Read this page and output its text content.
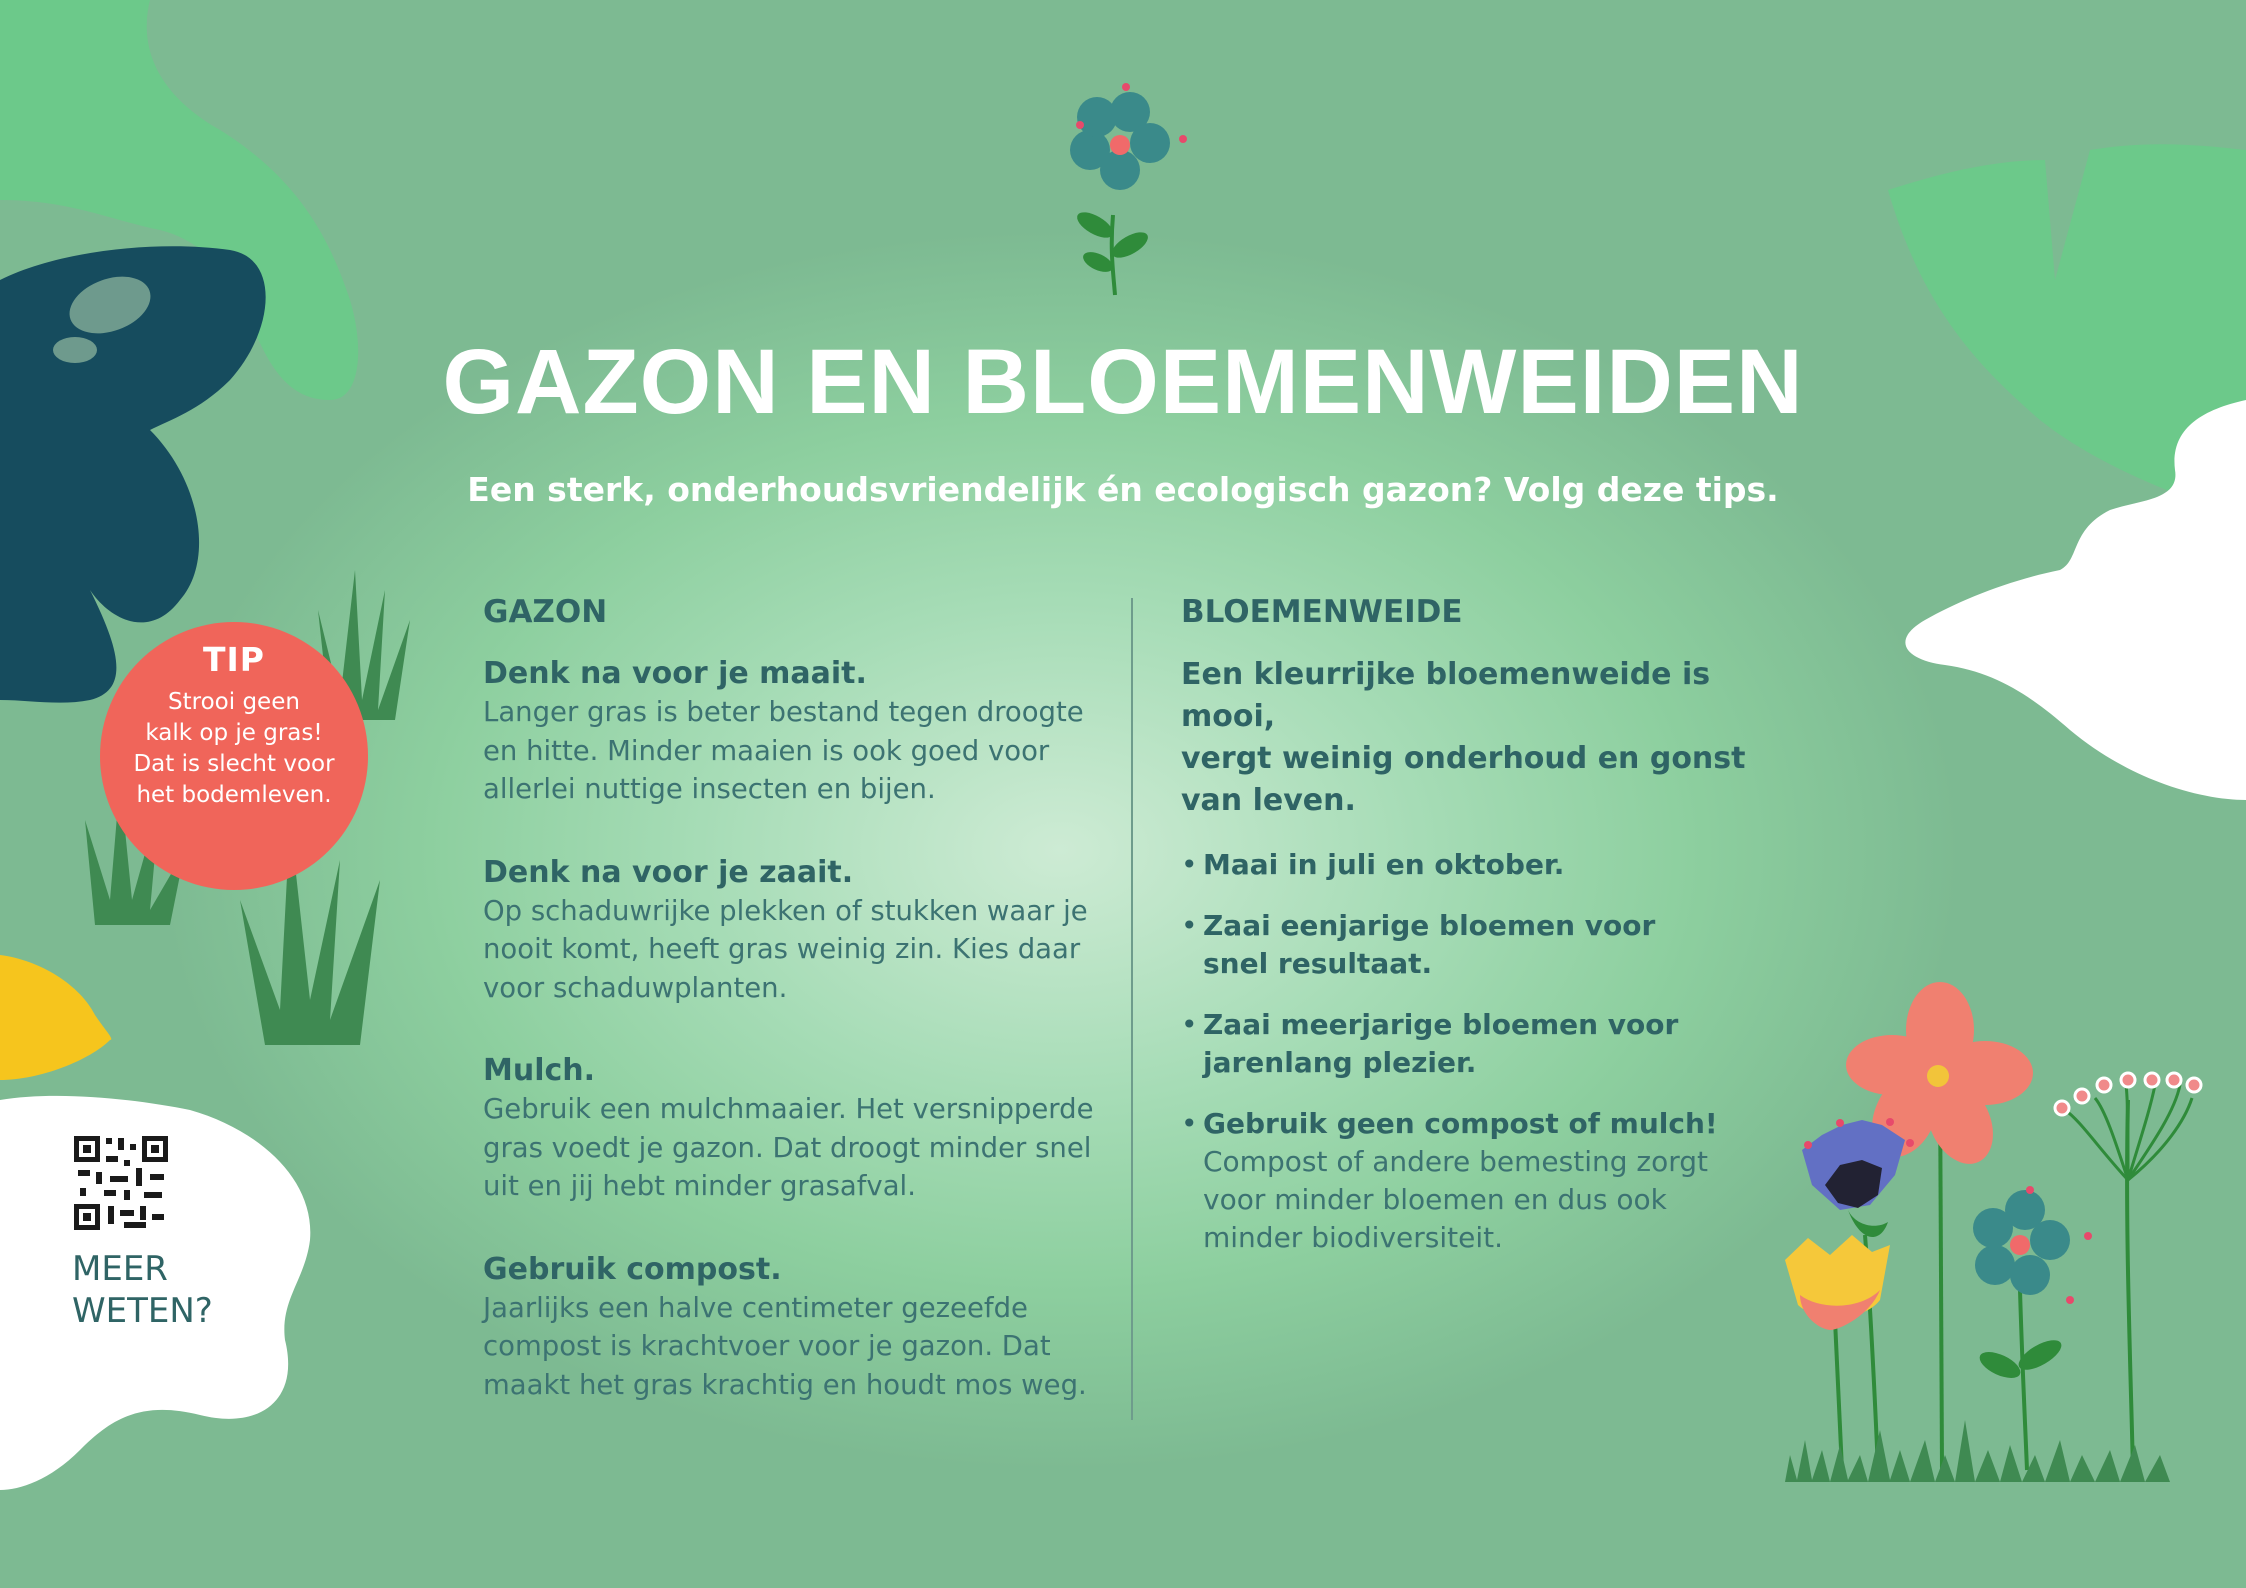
GAZON EN BLOEMENWEIDEN
Een sterk, onderhoudsvriendelijk én ecologisch gazon? Volg deze tips.
GAZON
Denk na voor je maait.
Langer gras is beter bestand tegen droogte
en hitte. Minder maaien is ook goed voor
allerlei nuttige insecten en bijen.
Denk na voor je zaait.
Op schaduwrijke plekken of stukken waar je
nooit komt, heeft gras weinig zin. Kies daar
voor schaduwplanten.
Mulch.
Gebruik een mulchmaaier. Het versnipperde
gras voedt je gazon. Dat droogt minder snel
uit en jij hebt minder grasafval.
Gebruik compost.
Jaarlijks een halve centimeter gezeefde
compost is krachtvoer voor je gazon. Dat
maakt het gras krachtig en houdt mos weg.
BLOEMENWEIDE
Een kleurrijke bloemenweide is mooi,
vergt weinig onderhoud en gonst
van leven.
• Maai in juli en oktober.
• Zaai eenjarige bloemen voor
snel resultaat.
• Zaai meerjarige bloemen voor
jarenlang plezier.
• Gebruik geen compost of mulch!
Compost of andere bemesting zorgt
voor minder bloemen en dus ook
minder biodiversiteit.
TIP
Strooi geen
kalk op je gras!
Dat is slecht voor
het bodemleven.
MEER
WETEN?
